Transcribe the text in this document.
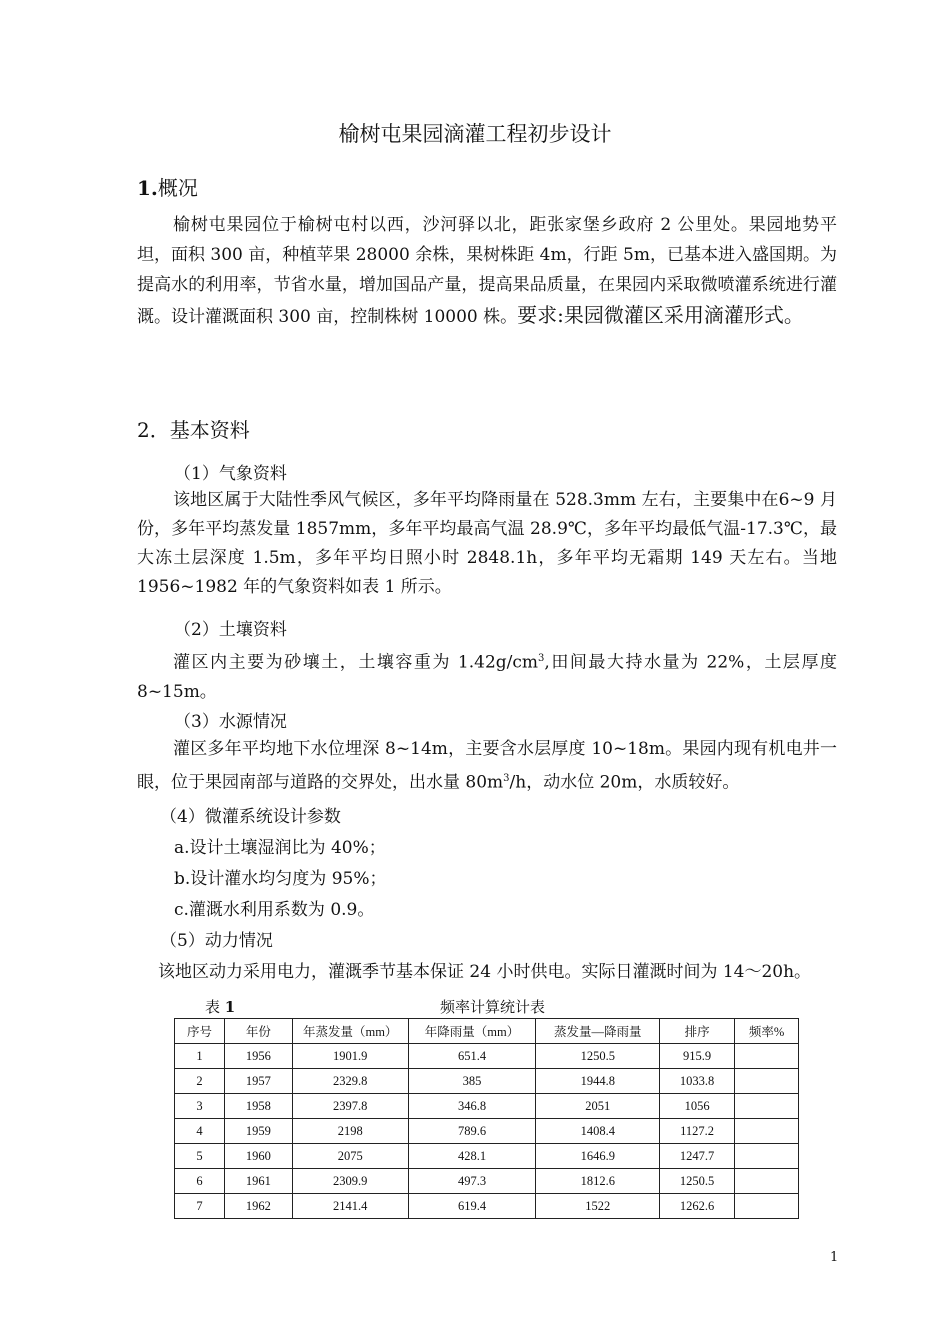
榆树屯果园滴灌工程初步设计
1.概况
榆树屯果园位于榆树屯村以西，沙河驿以北，距张家堡乡政府 2 公里处。果园地势平坦，面积 300 亩，种植苹果 28000 余株，果树株距 4m，行距 5m，已基本进入盛国期。为提高水的利用率，节省水量，增加国品产量，提高果品质量，在果园内采取微喷灌系统进行灌溉。设计灌溉面积 300 亩，控制株树 10000 株。要求:果园微灌区采用滴灌形式。
2．基本资料
（1）气象资料
该地区属于大陆性季风气候区，多年平均降雨量在 528.3mm 左右，主要集中在6~9 月份，多年平均蒸发量 1857mm，多年平均最高气温 28.9℃，多年平均最低气温-17.3℃，最大冻土层深度 1.5m，多年平均日照小时 2848.1h，多年平均无霜期 149 天左右。当地 1956~1982 年的气象资料如表 1 所示。
（2）土壤资料
灌区内主要为砂壤土，土壤容重为 $1.42g/cm^3$,田间最大持水量为 22%，土层厚度8~15m。
（3）水源情况
灌区多年平均地下水位埋深 8~14m，主要含水层厚度 10~18m。果园内现有机电井一眼，位于果园南部与道路的交界处，出水量 $80m^3/h$，动水位 20m，水质较好。
（4）微灌系统设计参数
a.设计土壤湿润比为 40%；
b.设计灌水均匀度为 95%；
c.灌溉水利用系数为 0.9。
（5）动力情况
该地区动力采用电力，灌溉季节基本保证 24 小时供电。实际日灌溉时间为 14～20h。
表 1	频率计算统计表
序号	年份	年蒸发量（mm）	年降雨量（mm）	蒸发量—降雨量	排序	频率%
1	1956	1901.9	651.4	1250.5	915.9	
2	1957	2329.8	385	1944.8	1033.8	
3	1958	2397.8	346.8	2051	1056	
4	1959	2198	789.6	1408.4	1127.2	
5	1960	2075	428.1	1646.9	1247.7	
6	1961	2309.9	497.3	1812.6	1250.5	
7	1962	2141.4	619.4	1522	1262.6	
1
